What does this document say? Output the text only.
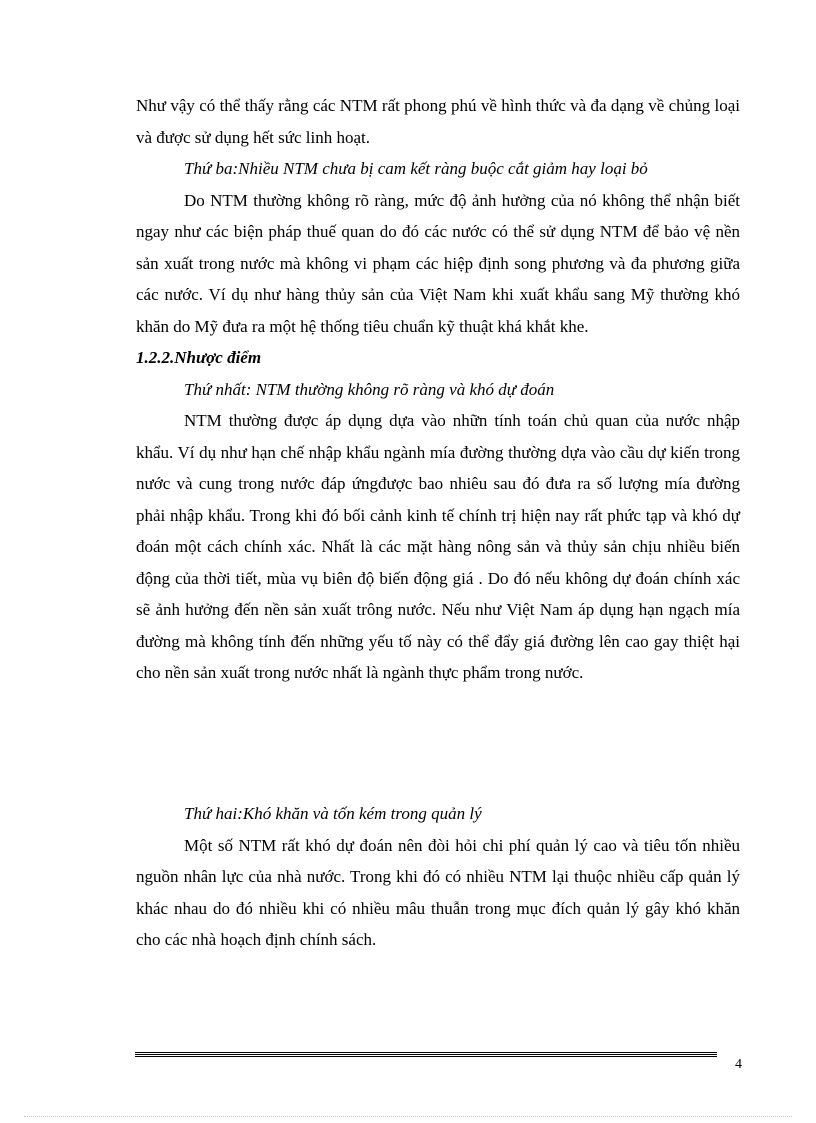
Như vậy có thể thấy rằng các NTM rất phong phú về hình thức và đa dạng về chủng loại và được sử dụng hết sức linh hoạt.

Thứ ba:Nhiều NTM chưa bị cam kết ràng buộc cắt giảm hay loại bỏ

Do NTM thường không rõ ràng, mức độ ảnh hưởng của nó không thể nhận biết ngay như các biện pháp thuế quan do đó các nước có thể sử dụng NTM để bảo vệ nền sản xuất trong nước mà không vi phạm các hiệp định song phương và đa phương giữa các nước. Ví dụ như hàng thủy sản của Việt Nam khi xuất khẩu sang Mỹ thường khó khăn do Mỹ đưa ra một hệ thống tiêu chuẩn kỹ thuật khá khắt khe.

1.2.2.Nhược điểm

Thứ nhất: NTM thường không rõ ràng và khó dự đoán

NTM thường được áp dụng dựa vào nhữn tính toán chủ quan của nước nhập khẩu. Ví dụ như hạn chế nhập khẩu ngành mía đường thường dựa vào cầu dự kiến trong nước và cung trong nước đáp ứngđược bao nhiêu sau đó đưa ra số lượng mía đường phải nhập khẩu. Trong khi đó bối cảnh kinh tế chính trị hiện nay rất phức tạp và khó dự đoán một cách chính xác. Nhất là các mặt hàng nông sản và thủy sản chịu nhiều biến động của thời tiết, mùa vụ biên độ biến động giá . Do đó nếu không dự đoán chính xác sẽ ảnh hưởng đến nền sản xuất trông nước. Nếu như Việt Nam áp dụng hạn ngạch mía đường mà không tính đến những yếu tố này có thể đẩy giá đường lên cao gay thiệt hại cho nền sản xuất trong nước nhất là ngành thực phẩm trong nước.

Thứ hai:Khó khăn và tốn kém trong quản lý

Một số NTM rất khó dự đoán nên đòi hỏi chi phí quản lý cao và tiêu tốn nhiều nguồn nhân lực của nhà nước. Trong khi đó có nhiều NTM lại thuộc nhiều cấp quản lý khác nhau do đó nhiều khi có nhiều mâu thuẫn trong mục đích quản lý gây khó khăn cho các nhà hoạch định chính sách.

4
